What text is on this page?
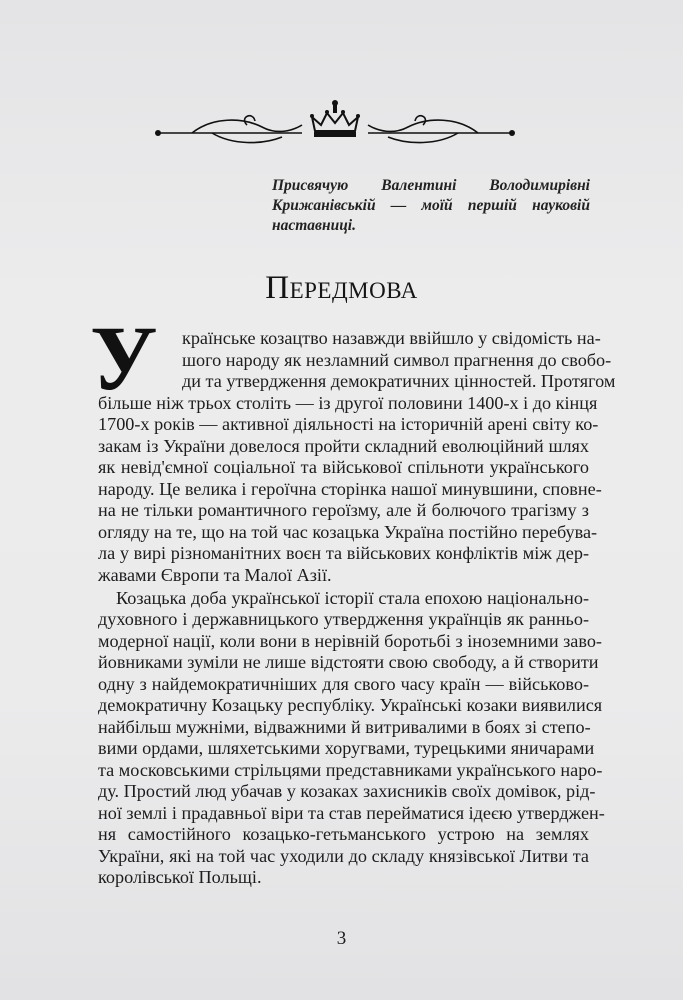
Присвячую Валентині Володимирівні
Крижанівській — моїй першій науковій
наставниці.
Передмова
У	країнське козацтво назавжди ввійшло у свідомість на-
шого народу як незламний символ прагнення до свобо-
ди та утвердження демократичних цінностей. Протягом
більше ніж трьох століть — із другої половини 1400-х і до кінця
1700-х років — активної діяльності на історичній арені світу ко-
закам із України довелося пройти складний еволюційний шлях
як невід'ємної соціальної та військової спільноти українського
народу. Це велика і героїчна сторінка нашої минувшини, сповне-
на не тільки романтичного героїзму, але й болючого трагізму з
огляду на те, що на той час козацька Україна постійно перебува-
ла у вирі різноманітних воєн та військових конфліктів між дер-
жавами Європи та Малої Азії.
Козацька доба української історії стала епохою національно-
духовного і державницького утвердження українців як ранньо-
модерної нації, коли вони в нерівній боротьбі з іноземними заво-
йовниками зуміли не лише відстояти свою свободу, а й створити
одну з найдемократичніших для свого часу країн — військово-
демократичну Козацьку республіку. Українські козаки виявилися
найбільш мужніми, відважними й витривалими в боях зі степо-
вими ордами, шляхетськими хоругвами, турецькими яничарами
та московськими стрільцями представниками українського наро-
ду. Простий люд убачав у козаках захисників своїх домівок, рід-
ної землі і прадавньої віри та став перейматися ідеєю утверджен-
ня самостійного козацько-гетьманського устрою на землях
України, які на той час уходили до складу князівської Литви та
королівської Польщі.
3
